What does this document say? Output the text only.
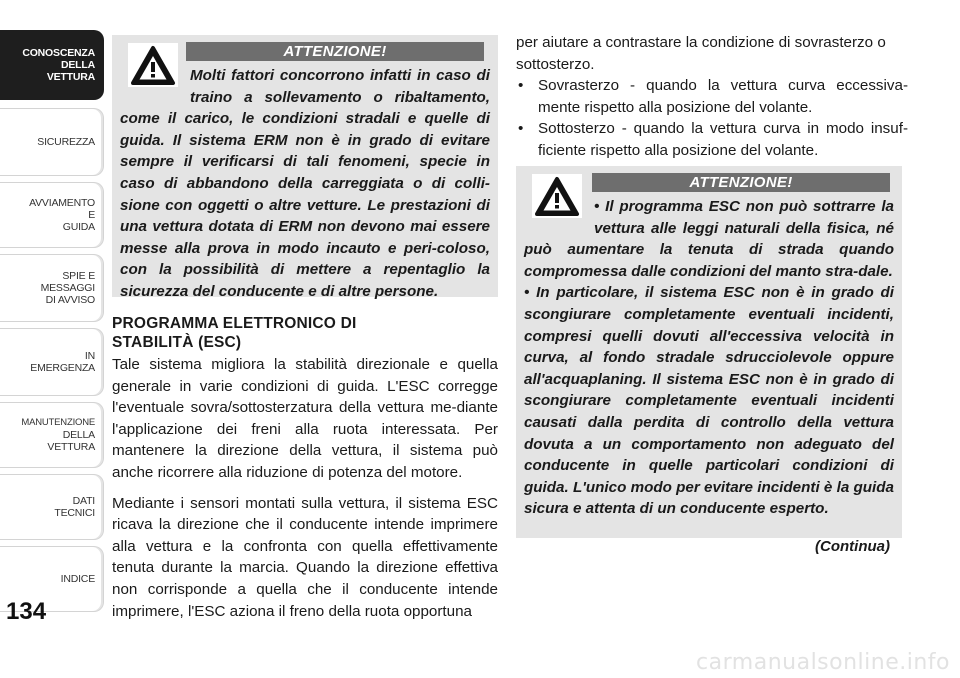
CONOSCENZA
DELLA
VETTURA
SICUREZZA
AVVIAMENTO
E
GUIDA
SPIE E
MESSAGGI
DI AVVISO
IN
EMERGENZA
MANUTENZIONE
DELLA
VETTURA
DATI
TECNICI
INDICE
134
ATTENZIONE!
Molti fattori concorrono infatti in caso di traino a sollevamento o ribaltamento, come il carico, le condizioni stradali e quelle di guida. Il sistema ERM non è in grado di evitare sempre il verificarsi di tali fenomeni, specie in caso di abbandono della carreggiata o di colli-sione con oggetti o altre vetture. Le prestazioni di una vettura dotata di ERM non devono mai essere messe alla prova in modo incauto e peri-coloso, con la possibilità di mettere a repentaglio la sicurezza del conducente e di altre persone.
PROGRAMMA ELETTRONICO DI
STABILITÀ (ESC)

Tale sistema migliora la stabilità direzionale e quella generale in varie condizioni di guida. L'ESC corregge l'eventuale sovra/sottosterzatura della vettura me-diante l'applicazione dei freni alla ruota interessata. Per mantenere la direzione della vettura, il sistema può anche ricorrere alla riduzione di potenza del motore.

Mediante i sensori montati sulla vettura, il sistema ESC ricava la direzione che il conducente intende imprimere alla vettura e la confronta con quella effettivamente tenuta durante la marcia. Quando la direzione effettiva non corrisponde a quella che il conducente intende imprimere, l'ESC aziona il freno della ruota opportuna

per aiutare a contrastare la condizione di sovrasterzo o sottosterzo.

• Sovrasterzo - quando la vettura curva eccessiva-mente rispetto alla posizione del volante.
• Sottosterzo - quando la vettura curva in modo insuf-ficiente rispetto alla posizione del volante.
ATTENZIONE!
• Il programma ESC non può sottrarre la vettura alle leggi naturali della fisica, né può aumentare la tenuta di strada quando compromessa dalle condizioni del manto stra-dale.
• In particolare, il sistema ESC non è in grado di scongiurare completamente eventuali incidenti, compresi quelli dovuti all'eccessiva velocità in curva, al fondo stradale sdrucciolevole oppure all'acquaplaning. Il sistema ESC non è in grado di scongiurare completamente eventuali incidenti causati dalla perdita di controllo della vettura dovuta a un comportamento non adeguato del conducente in quelle particolari condizioni di guida. L'unico modo per evitare incidenti è la guida sicura e attenta di un conducente esperto.
(Continua)
carmanualsonline.info
